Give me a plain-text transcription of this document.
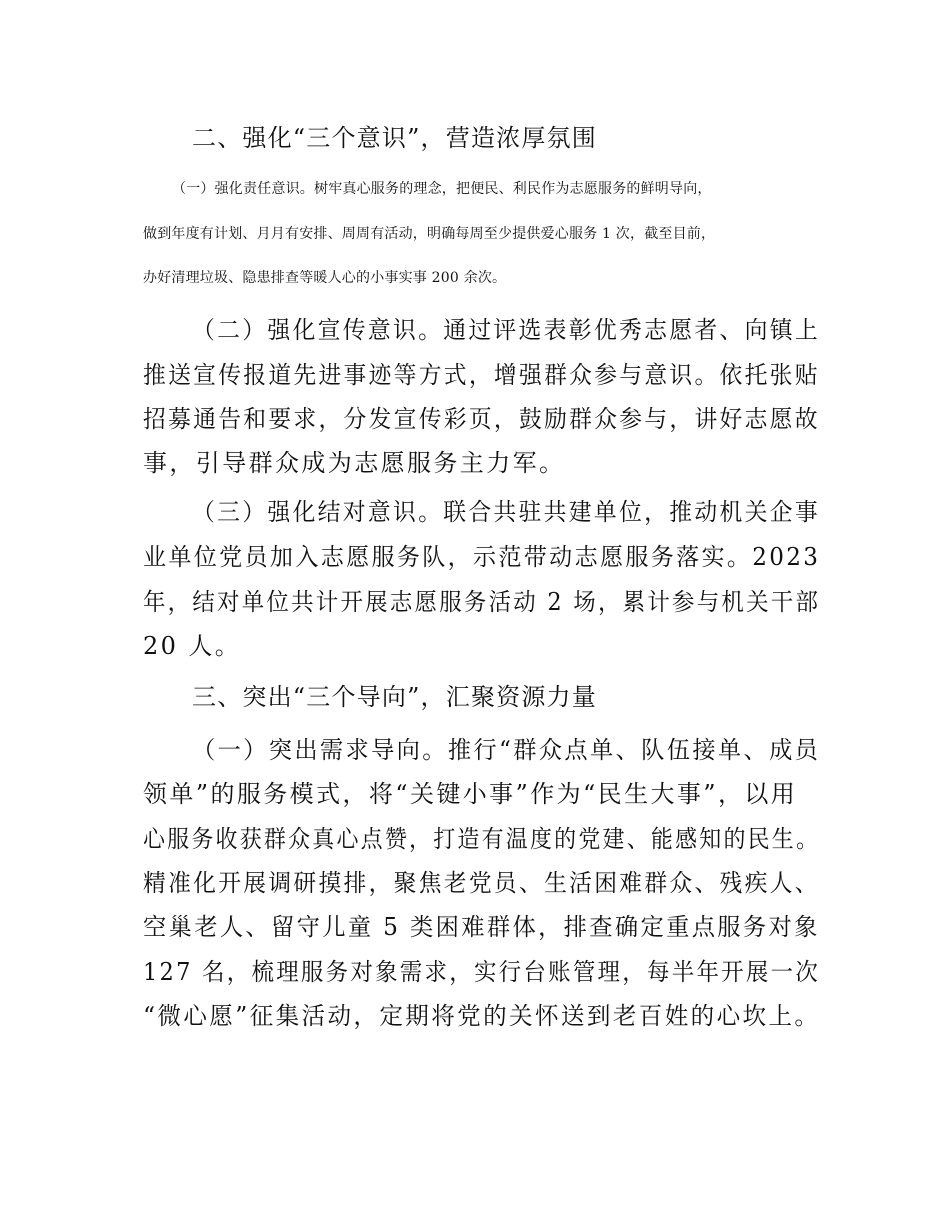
二、强化“三个意识”，营造浓厚氛围
（一）强化责任意识。树牢真心服务的理念，把便民、利民作为志愿服务的鲜明导向，
做到年度有计划、月月有安排、周周有活动，明确每周至少提供爱心服务 1 次，截至目前，
办好清理垃圾、隐患排查等暖人心的小事实事 200 余次。
（二）强化宣传意识。通过评选表彰优秀志愿者、向镇上
推送宣传报道先进事迹等方式，增强群众参与意识。依托张贴
招募通告和要求，分发宣传彩页，鼓励群众参与，讲好志愿故
事，引导群众成为志愿服务主力军。
（三）强化结对意识。联合共驻共建单位，推动机关企事
业单位党员加入志愿服务队，示范带动志愿服务落实。2023
年，结对单位共计开展志愿服务活动 2 场，累计参与机关干部
20 人。
三、突出“三个导向”，汇聚资源力量
（一）突出需求导向。推行“群众点单、队伍接单、成员
领单”的服务模式，将“关键小事”作为“民生大事”，以用
心服务收获群众真心点赞，打造有温度的党建、能感知的民生。
精准化开展调研摸排，聚焦老党员、生活困难群众、残疾人、
空巢老人、留守儿童 5 类困难群体，排查确定重点服务对象
127 名，梳理服务对象需求，实行台账管理，每半年开展一次
“微心愿”征集活动，定期将党的关怀送到老百姓的心坎上。
